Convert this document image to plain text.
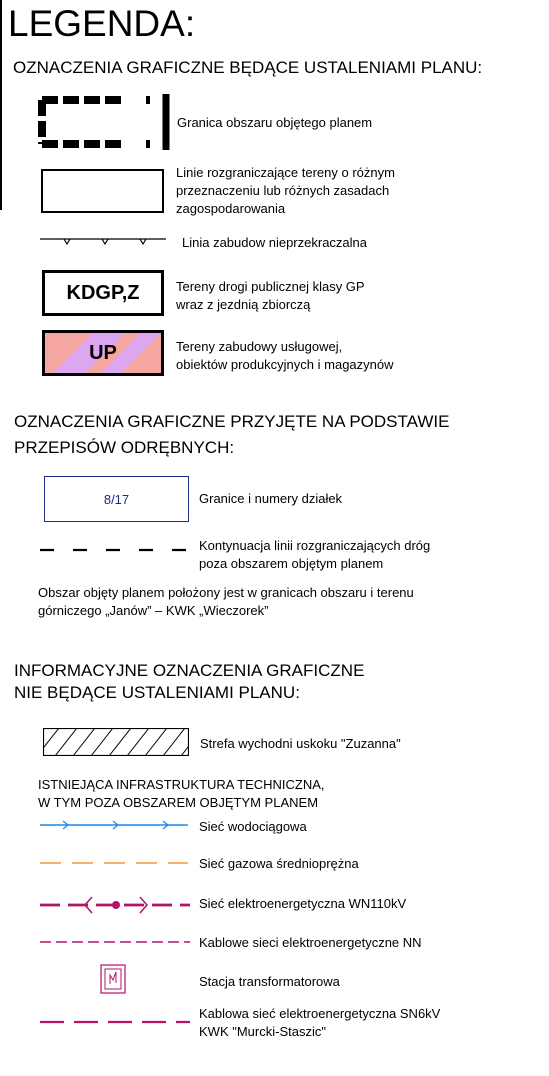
LEGENDA:
OZNACZENIA GRAFICZNE BĘDĄCE USTALENIAMI PLANU:
Granica obszaru objętego planem
Linie rozgraniczające tereny o różnym
przeznaczeniu lub różnych zasadach
zagospodarowania
Linia zabudow nieprzekraczalna
KDGP,Z	Tereny drogi publicznej klasy GP
wraz z jezdnią zbiorczą
UP	Tereny zabudowy usługowej,
obiektów produkcyjnych i magazynów
OZNACZENIA GRAFICZNE PRZYJĘTE NA PODSTAWIE
PRZEPISÓW ODRĘBNYCH:
8/17	Granice i numery działek
Kontynuacja linii rozgraniczających dróg
poza obszarem objętym planem
Obszar objęty planem położony jest w granicach obszaru i terenu
górniczego „Janów” – KWK „Wieczorek”
INFORMACYJNE OZNACZENIA GRAFICZNE
NIE BĘDĄCE USTALENIAMI PLANU:
Strefa wychodni uskoku "Zuzanna"
ISTNIEJĄCA INFRASTRUKTURA TECHNICZNA,
W TYM POZA OBSZAREM OBJĘTYM PLANEM
Sieć wodociągowa
Sieć gazowa średnioprężna
Sieć elektroenergetyczna WN110kV
Kablowe sieci elektroenergetyczne NN
Stacja transformatorowa
Kablowa sieć elektroenergetyczna SN6kV
KWK "Murcki-Staszic"
